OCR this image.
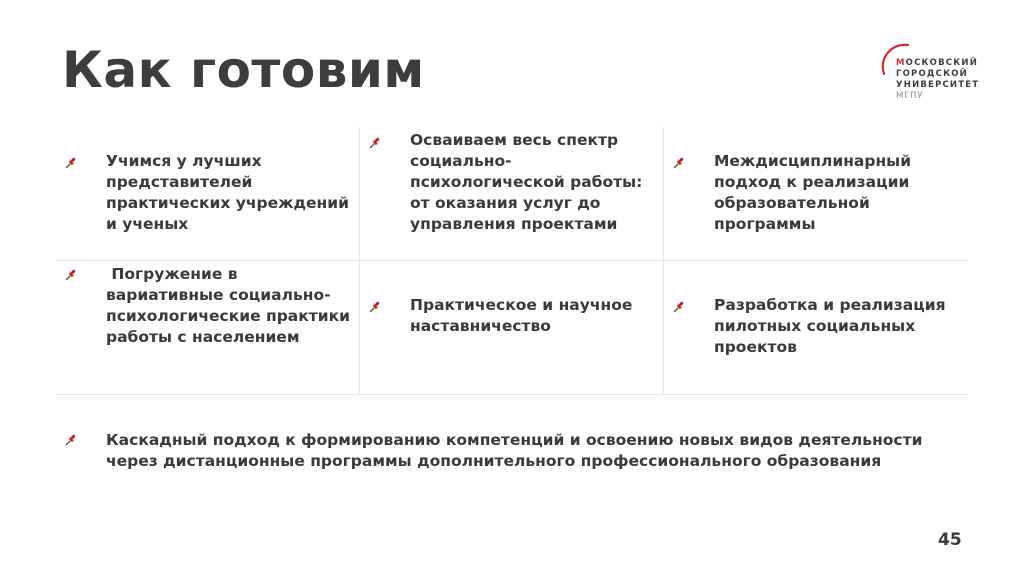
Как готовим	МОСКОВСКИЙ
ГОРОДСКОЙ
УНИВЕРСИТЕТ
МГПУ
Учимся у лучших представителей практических учреждений и ученых
Осваиваем весь спектр социально-психологической работы: от оказания услуг до управления проектами
Междисциплинарный подход к реализации образовательной программы
Погружение в вариативные социально-психологические практики работы с населением
Практическое и научное наставничество
Разработка и реализация пилотных социальных проектов
Каскадный подход к формированию компетенций и освоению новых видов деятельности через дистанционные программы дополнительного профессионального образования
45
